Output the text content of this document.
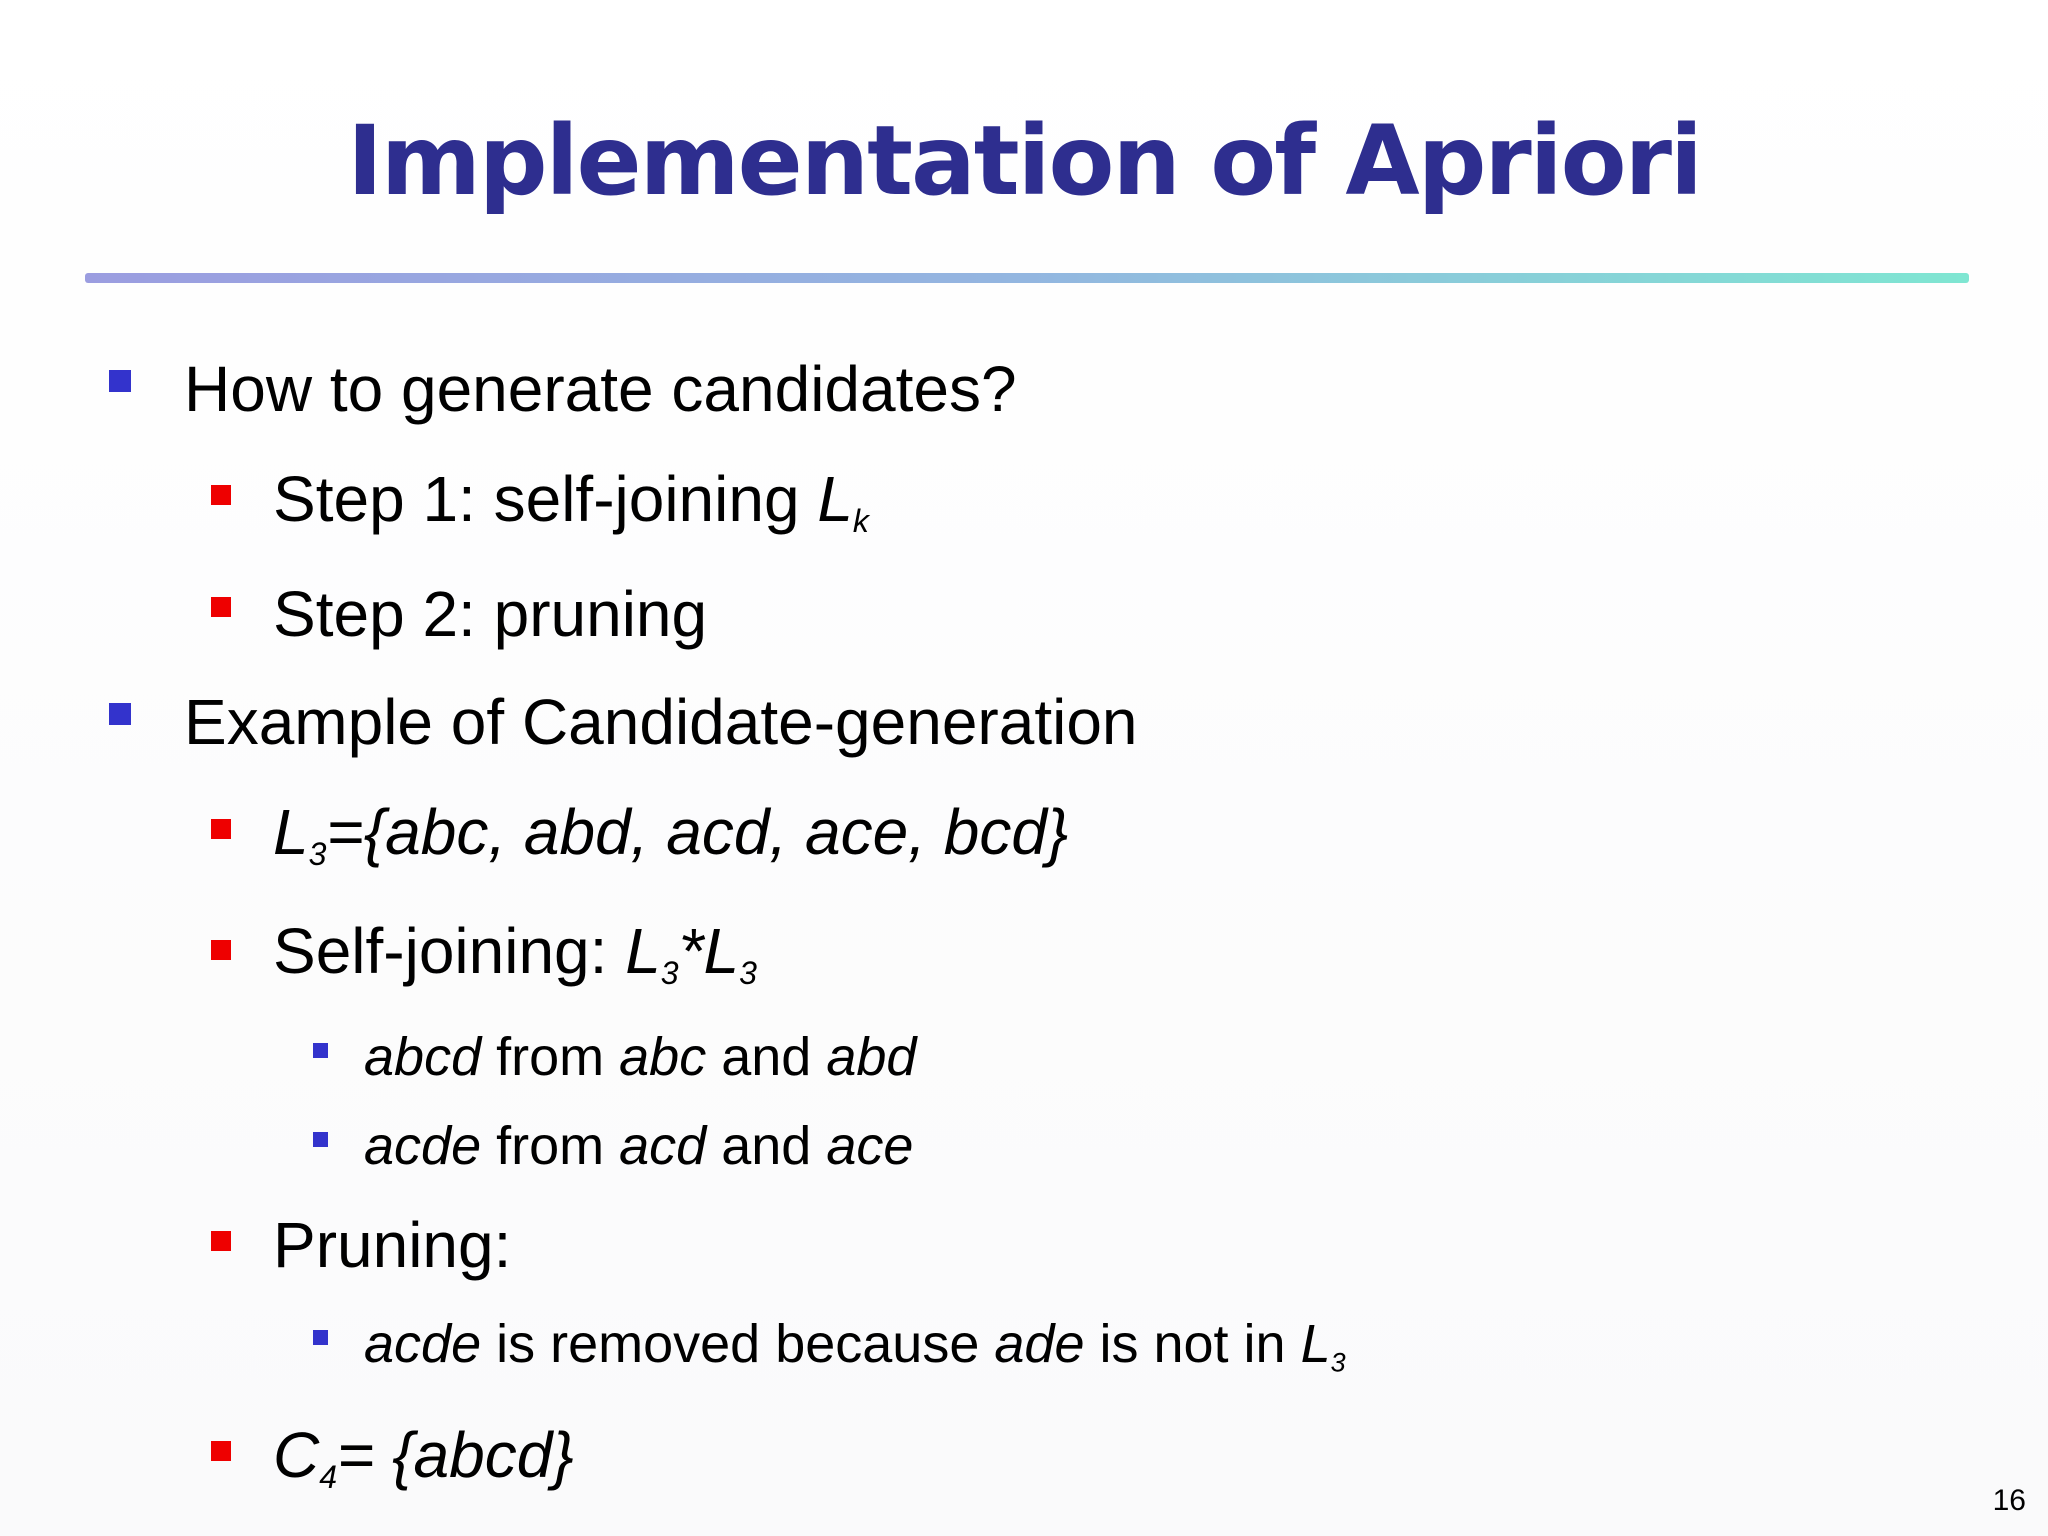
Implementation of Apriori
How to generate candidates?
Step 1: self-joining $L_k$
Step 2: pruning
Example of Candidate-generation
$L_3=\{abc$, abd, acd, ace, bcd}
Self-joining: $L_3*L_3$
abcd from abc and abd
acde from acd and ace
Pruning:
acde is removed because ade is not in $L_3$
$C_4=$ {abcd}
16
